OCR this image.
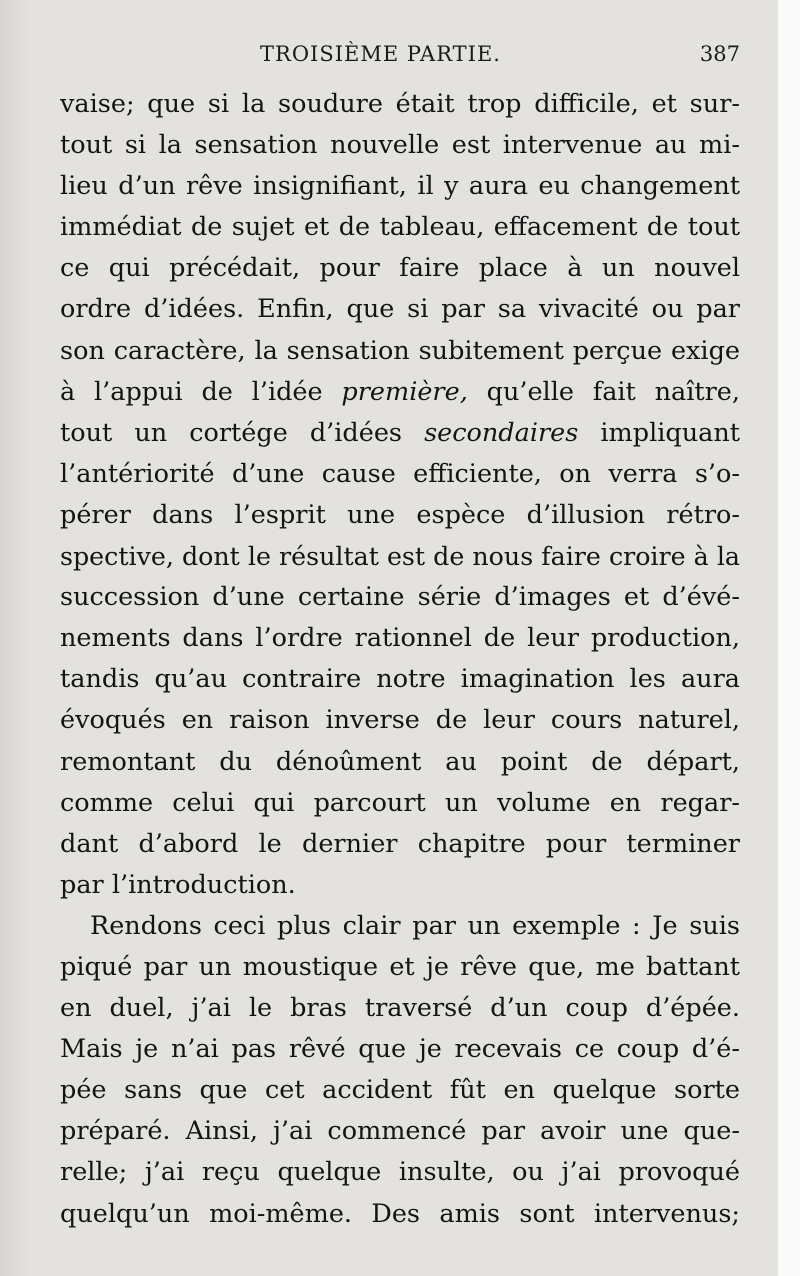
TROISIÈME PARTIE.	387
vaise; que si la soudure était trop difficile, et sur-
tout si la sensation nouvelle est intervenue au mi-
lieu d’un rêve insignifiant, il y aura eu changement
immédiat de sujet et de tableau, effacement de tout
ce qui précédait, pour faire place à un nouvel
ordre d’idées. Enfin, que si par sa vivacité ou par
son caractère, la sensation subitement perçue exige
à l’appui de l’idée première, qu’elle fait naître,
tout un cortége d’idées secondaires impliquant
l’antériorité d’une cause efficiente, on verra s’o-
pérer dans l’esprit une espèce d’illusion rétro-
spective, dont le résultat est de nous faire croire à la
succession d’une certaine série d’images et d’évé-
nements dans l’ordre rationnel de leur production,
tandis qu’au contraire notre imagination les aura
évoqués en raison inverse de leur cours naturel,
remontant du dénoûment au point de départ,
comme celui qui parcourt un volume en regar-
dant d’abord le dernier chapitre pour terminer
par l’introduction.
Rendons ceci plus clair par un exemple : Je suis
piqué par un moustique et je rêve que, me battant
en duel, j’ai le bras traversé d’un coup d’épée.
Mais je n’ai pas rêvé que je recevais ce coup d’é-
pée sans que cet accident fût en quelque sorte
préparé. Ainsi, j’ai commencé par avoir une que-
relle; j’ai reçu quelque insulte, ou j’ai provoqué
quelqu’un moi-même. Des amis sont intervenus;
